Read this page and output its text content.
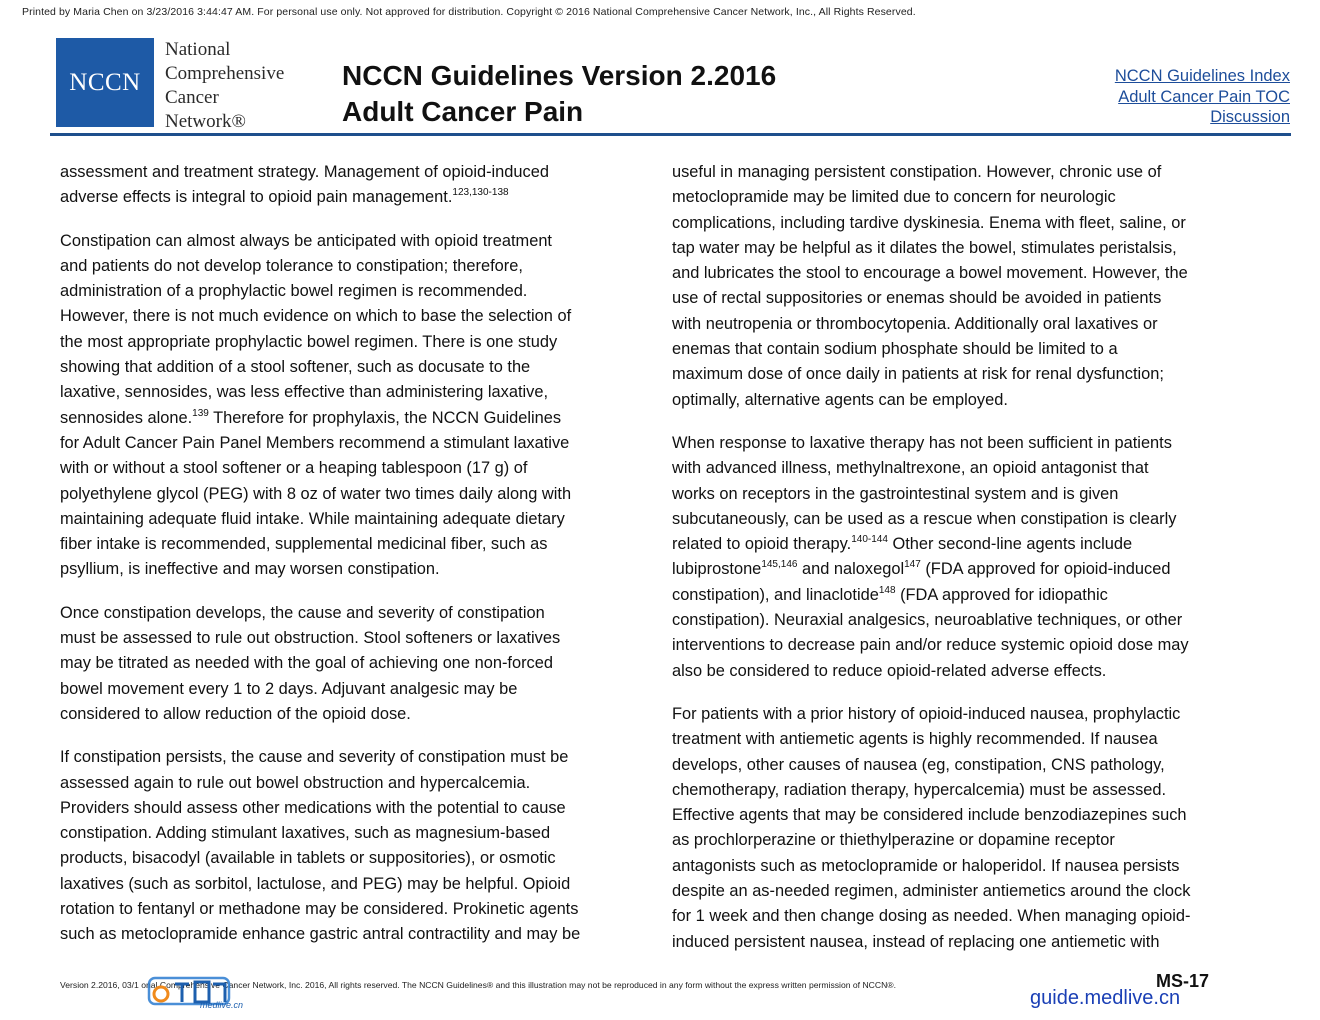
Printed by Maria Chen on 3/23/2016 3:44:47 AM. For personal use only. Not approved for distribution. Copyright © 2016 National Comprehensive Cancer Network, Inc., All Rights Reserved.
NCCN
National
Comprehensive
Cancer
Network®
NCCN Guidelines Version 2.2016
Adult Cancer Pain
NCCN Guidelines Index
Adult Cancer Pain TOC
Discussion

assessment and treatment strategy. Management of opioid-induced
adverse effects is integral to opioid pain management.$^{123,130-138}$

Constipation can almost always be anticipated with opioid treatment
and patients do not develop tolerance to constipation; therefore,
administration of a prophylactic bowel regimen is recommended.
However, there is not much evidence on which to base the selection of
the most appropriate prophylactic bowel regimen. There is one study
showing that addition of a stool softener, such as docusate to the
laxative, sennosides, was less effective than administering laxative,
sennosides alone.$^{139}$ Therefore for prophylaxis, the NCCN Guidelines
for Adult Cancer Pain Panel Members recommend a stimulant laxative
with or without a stool softener or a heaping tablespoon (17 g) of
polyethylene glycol (PEG) with 8 oz of water two times daily along with
maintaining adequate fluid intake. While maintaining adequate dietary
fiber intake is recommended, supplemental medicinal fiber, such as
psyllium, is ineffective and may worsen constipation.

Once constipation develops, the cause and severity of constipation
must be assessed to rule out obstruction. Stool softeners or laxatives
may be titrated as needed with the goal of achieving one non-forced
bowel movement every 1 to 2 days. Adjuvant analgesic may be
considered to allow reduction of the opioid dose.

If constipation persists, the cause and severity of constipation must be
assessed again to rule out bowel obstruction and hypercalcemia.
Providers should assess other medications with the potential to cause
constipation. Adding stimulant laxatives, such as magnesium-based
products, bisacodyl (available in tablets or suppositories), or osmotic
laxatives (such as sorbitol, lactulose, and PEG) may be helpful. Opioid
rotation to fentanyl or methadone may be considered. Prokinetic agents
such as metoclopramide enhance gastric antral contractility and may be

useful in managing persistent constipation. However, chronic use of
metoclopramide may be limited due to concern for neurologic
complications, including tardive dyskinesia. Enema with fleet, saline, or
tap water may be helpful as it dilates the bowel, stimulates peristalsis,
and lubricates the stool to encourage a bowel movement. However, the
use of rectal suppositories or enemas should be avoided in patients
with neutropenia or thrombocytopenia. Additionally oral laxatives or
enemas that contain sodium phosphate should be limited to a
maximum dose of once daily in patients at risk for renal dysfunction;
optimally, alternative agents can be employed.

When response to laxative therapy has not been sufficient in patients
with advanced illness, methylnaltrexone, an opioid antagonist that
works on receptors in the gastrointestinal system and is given
subcutaneously, can be used as a rescue when constipation is clearly
related to opioid therapy.$^{140-144}$ Other second-line agents include
lubiprostone$^{145,146}$ and naloxegol$^{147}$ (FDA approved for opioid-induced
constipation), and linaclotide$^{148}$ (FDA approved for idiopathic
constipation). Neuraxial analgesics, neuroablative techniques, or other
interventions to decrease pain and/or reduce systemic opioid dose may
also be considered to reduce opioid-related adverse effects.

For patients with a prior history of opioid-induced nausea, prophylactic
treatment with antiemetic agents is highly recommended. If nausea
develops, other causes of nausea (eg, constipation, CNS pathology,
chemotherapy, radiation therapy, hypercalcemia) must be assessed.
Effective agents that may be considered include benzodiazepines such
as prochlorperazine or thiethylperazine or dopamine receptor
antagonists such as metoclopramide or haloperidol. If nausea persists
despite an as-needed regimen, administer antiemetics around the clock
for 1 week and then change dosing as needed. When managing opioid-
induced persistent nausea, instead of replacing one antiemetic with

Version 2.2016, 03/1 onal Comprehensive Cancer Network, Inc. 2016, All rights reserved. The NCCN Guidelines® and this illustration may not be reproduced in any form without the express written permission of NCCN®.	MS-17
medlive.cn	guide.medlive.cn
